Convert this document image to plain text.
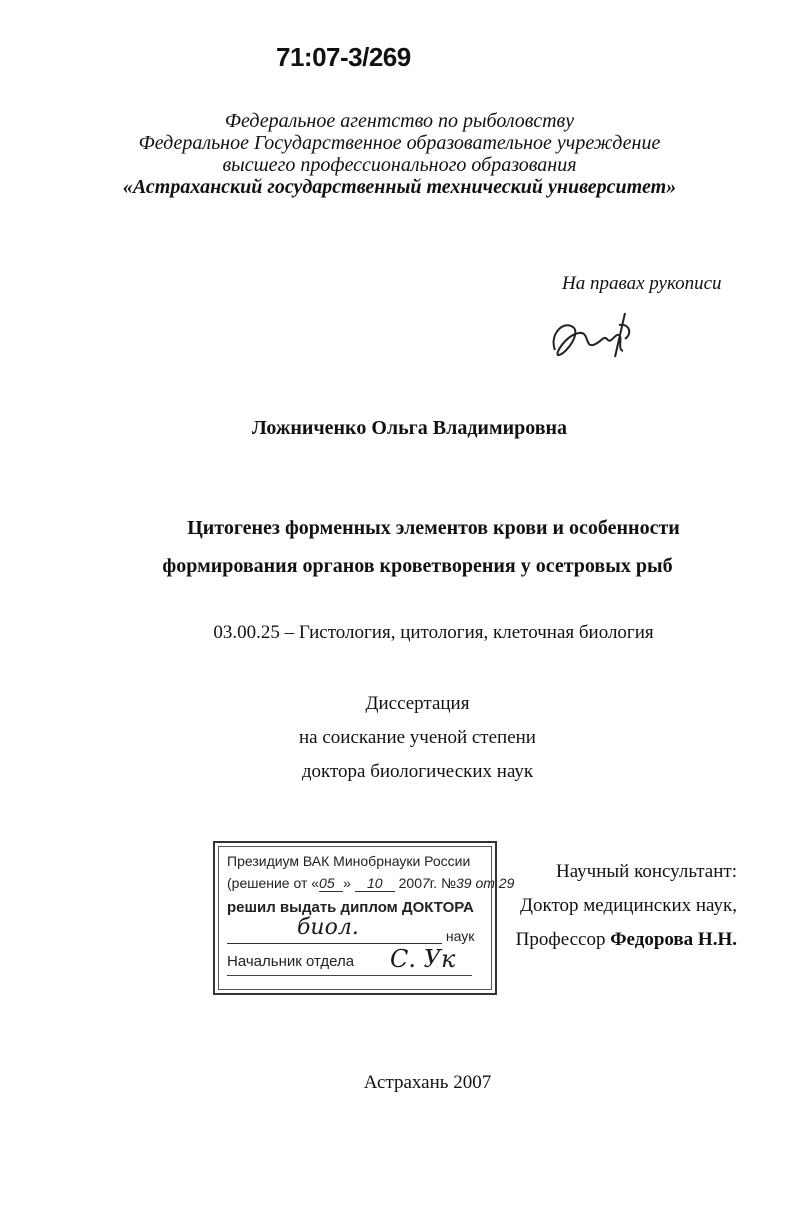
71:07-3/269
Федеральное агентство по рыболовству
Федеральное Государственное образовательное учреждение
высшего профессионального образования
«Астраханский государственный технический университет»
На правах рукописи
Ложниченко Ольга Владимировна
Цитогенез форменных элементов крови и особенности
формирования органов кроветворения у осетровых рыб
03.00.25 – Гистология, цитология, клеточная биология
Диссертация
на соискание ученой степени
доктора биологических наук
Президиум ВАК Минобрнауки России
(решение от «05 » 10 2007г. №39 от 29
решил выдать диплом ДОКТОРА
биол.	наук
Начальник отдела С. Ук
Научный консультант:
Доктор медицинских наук,
Профессор Федорова Н.Н.
Астрахань 2007
